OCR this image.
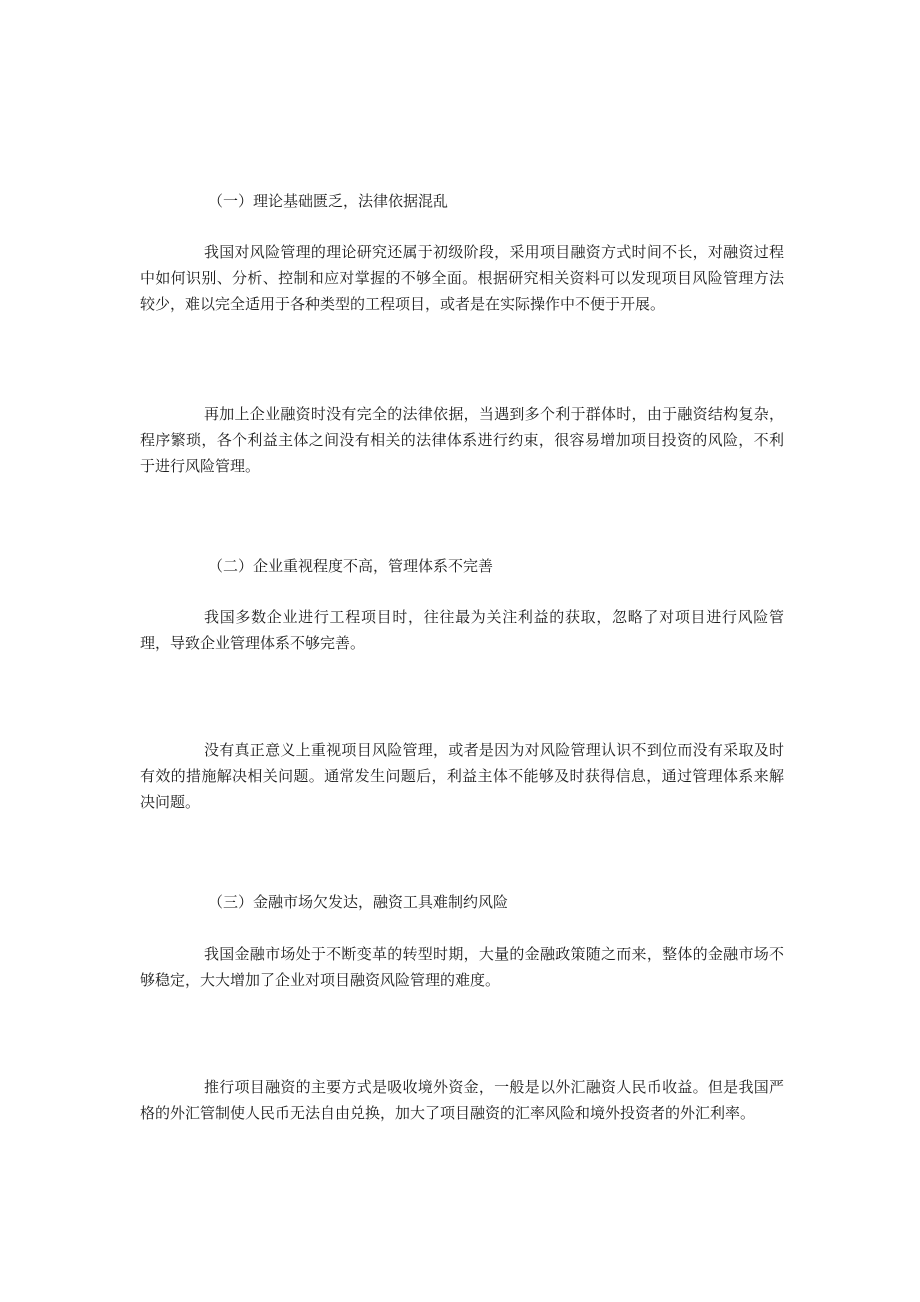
（一）理论基础匮乏，法律依据混乱

我国对风险管理的理论研究还属于初级阶段，采用项目融资方式时间不长，对融资过程中如何识别、分析、控制和应对掌握的不够全面。根据研究相关资料可以发现项目风险管理方法较少，难以完全适用于各种类型的工程项目，或者是在实际操作中不便于开展。

再加上企业融资时没有完全的法律依据，当遇到多个利于群体时，由于融资结构复杂，程序繁琐，各个利益主体之间没有相关的法律体系进行约束，很容易增加项目投资的风险，不利于进行风险管理。

（二）企业重视程度不高，管理体系不完善

我国多数企业进行工程项目时，往往最为关注利益的获取，忽略了对项目进行风险管理，导致企业管理体系不够完善。

没有真正意义上重视项目风险管理，或者是因为对风险管理认识不到位而没有采取及时有效的措施解决相关问题。通常发生问题后，利益主体不能够及时获得信息，通过管理体系来解决问题。

（三）金融市场欠发达，融资工具难制约风险

我国金融市场处于不断变革的转型时期，大量的金融政策随之而来，整体的金融市场不够稳定，大大增加了企业对项目融资风险管理的难度。

推行项目融资的主要方式是吸收境外资金，一般是以外汇融资人民币收益。但是我国严格的外汇管制使人民币无法自由兑换，加大了项目融资的汇率风险和境外投资者的外汇利率。
